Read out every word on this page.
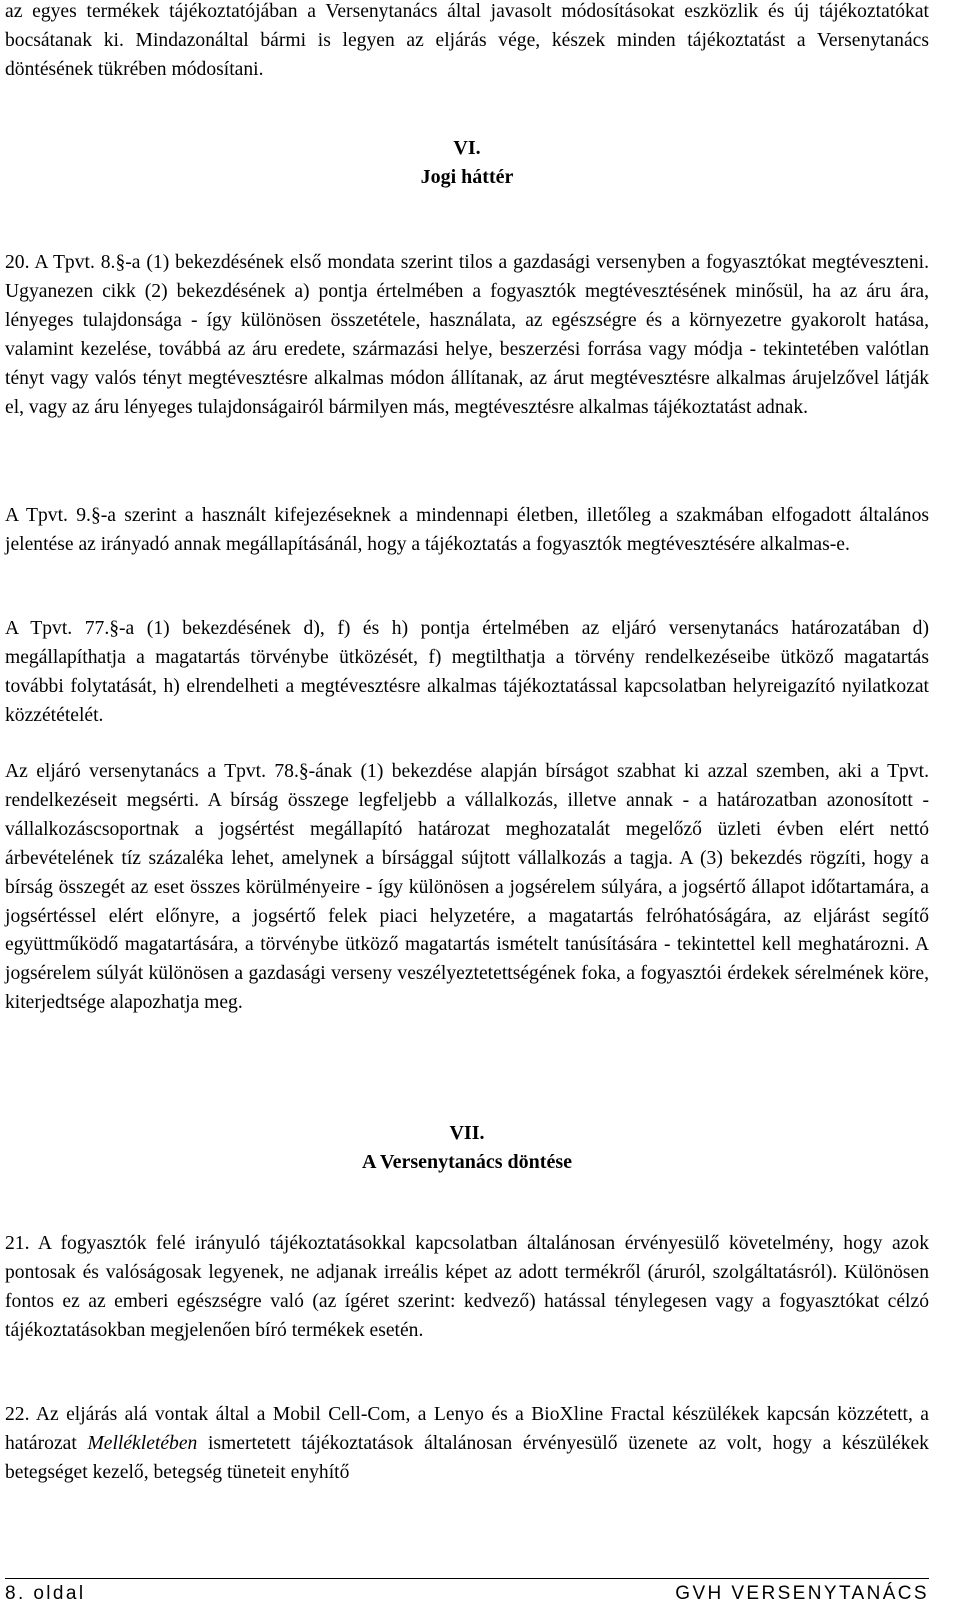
az egyes termékek tájékoztatójában a Versenytanács által javasolt módosításokat eszközlik és új tájékoztatókat bocsátanak ki. Mindazonáltal bármi is legyen az eljárás vége, készek minden tájékoztatást a Versenytanács döntésének tükrében módosítani.

VI.

Jogi háttér

20. A Tpvt. 8.§-a (1) bekezdésének első mondata szerint tilos a gazdasági versenyben a fogyasztókat megtéveszteni. Ugyanezen cikk (2) bekezdésének a) pontja értelmében a fogyasztók megtévesztésének minősül, ha az áru ára, lényeges tulajdonsága - így különösen összetétele, használata, az egészségre és a környezetre gyakorolt hatása, valamint kezelése, továbbá az áru eredete, származási helye, beszerzési forrása vagy módja - tekintetében valótlan tényt vagy valós tényt megtévesztésre alkalmas módon állítanak, az árut megtévesztésre alkalmas árujelzővel látják el, vagy az áru lényeges tulajdonságairól bármilyen más, megtévesztésre alkalmas tájékoztatást adnak.

A Tpvt. 9.§-a szerint a használt kifejezéseknek a mindennapi életben, illetőleg a szakmában elfogadott általános jelentése az irányadó annak megállapításánál, hogy a tájékoztatás a fogyasztók megtévesztésére alkalmas-e.

A Tpvt. 77.§-a (1) bekezdésének d), f) és h) pontja értelmében az eljáró versenytanács határozatában d) megállapíthatja a magatartás törvénybe ütközését, f) megtilthatja a törvény rendelkezéseibe ütköző magatartás további folytatását, h) elrendelheti a megtévesztésre alkalmas tájékoztatással kapcsolatban helyreigazító nyilatkozat közzétételét.

Az eljáró versenytanács a Tpvt. 78.§-ának (1) bekezdése alapján bírságot szabhat ki azzal szemben, aki a Tpvt. rendelkezéseit megsérti. A bírság összege legfeljebb a vállalkozás, illetve annak - a határozatban azonosított - vállalkozáscsoportnak a jogsértést megállapító határozat meghozatalát megelőző üzleti évben elért nettó árbevételének tíz százaléka lehet, amelynek a bírsággal sújtott vállalkozás a tagja. A (3) bekezdés rögzíti, hogy a bírság összegét az eset összes körülményeire - így különösen a jogsérelem súlyára, a jogsértő állapot időtartamára, a jogsértéssel elért előnyre, a jogsértő felek piaci helyzetére, a magatartás felróhatóságára, az eljárást segítő együttműködő magatartására, a törvénybe ütköző magatartás ismételt tanúsítására - tekintettel kell meghatározni. A jogsérelem súlyát különösen a gazdasági verseny veszélyeztetettségének foka, a fogyasztói érdekek sérelmének köre, kiterjedtsége alapozhatja meg.

VII.

A Versenytanács döntése

21. A fogyasztók felé irányuló tájékoztatásokkal kapcsolatban általánosan érvényesülő követelmény, hogy azok pontosak és valóságosak legyenek, ne adjanak irreális képet az adott termékről (áruról, szolgáltatásról). Különösen fontos ez az emberi egészségre való (az ígéret szerint: kedvező) hatással ténylegesen vagy a fogyasztókat célzó tájékoztatásokban megjelenően bíró termékek esetén.

22. Az eljárás alá vontak által a Mobil Cell-Com, a Lenyo és a BioXline Fractal készülékek kapcsán közzétett, a határozat Mellékletében ismertetett tájékoztatások általánosan érvényesülő üzenete az volt, hogy a készülékek betegséget kezelő, betegség tüneteit enyhítő

8. oldal	GVH VERSENYTANÁCS
